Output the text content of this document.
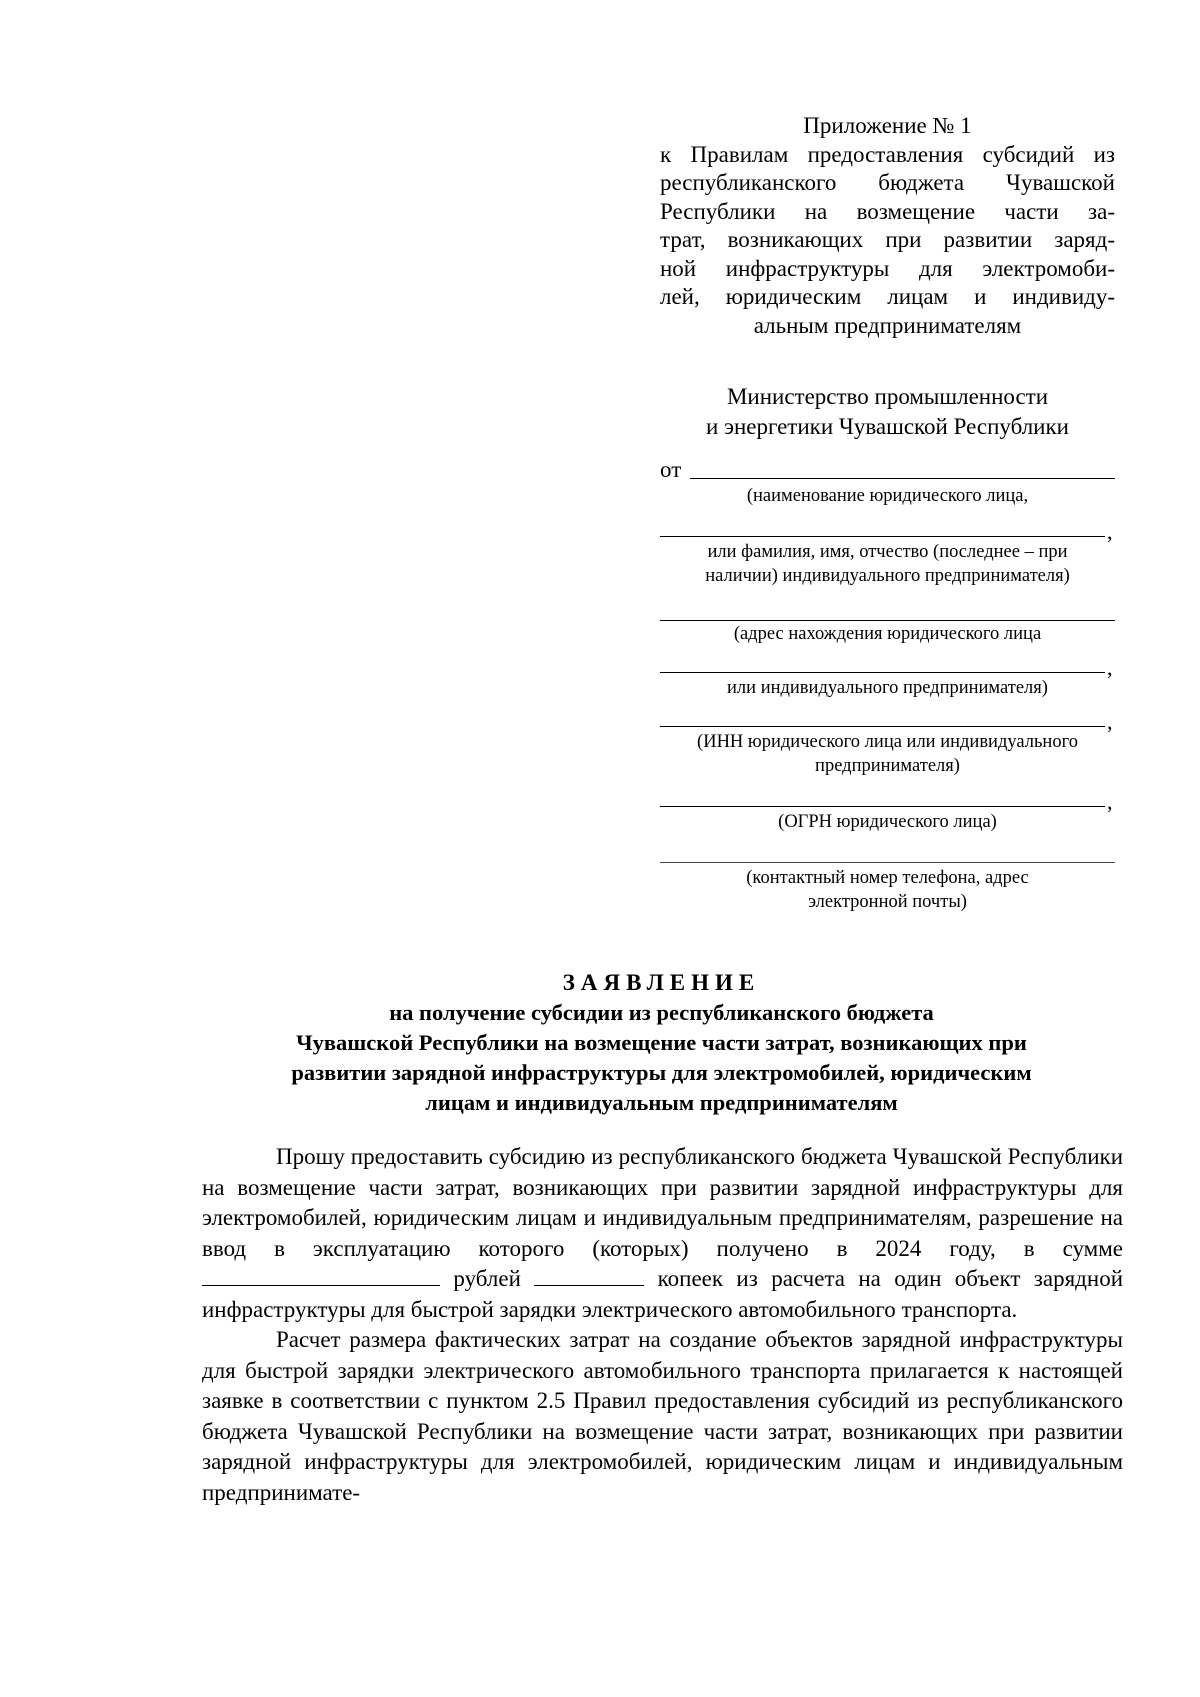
Приложение № 1
к Правилам предоставления субсидий из
республиканского бюджета Чувашской
Республики на возмещение части за-
трат, возникающих при развитии заряд-
ной инфраструктуры для электромоби-
лей, юридическим лицам и индивиду-
альным предпринимателям
Министерство промышленности
и энергетики Чувашской Республики
от
(наименование юридического лица,
,
или фамилия, имя, отчество (последнее – при
наличии) индивидуального предпринимателя)
(адрес нахождения юридического лица
,
или индивидуального предпринимателя)
,
(ИНН юридического лица или индивидуального
предпринимателя)
,
(ОГРН юридического лица)
(контактный номер телефона, адрес
электронной почты)
ЗАЯВЛЕНИЕ
на получение субсидии из республиканского бюджета
Чувашской Республики на возмещение части затрат, возникающих при
развитии зарядной инфраструктуры для электромобилей, юридическим
лицам и индивидуальным предпринимателям

Прошу предоставить субсидию из республиканского бюджета Чувашской Республики на возмещение части затрат, возникающих при развитии зарядной инфраструктуры для электромобилей, юридическим лицам и индивидуальным предпринимателям, разрешение на ввод в эксплуатацию которого (которых) получено в 2024 году, в сумме  рублей	копеек из расчета на один объект зарядной инфраструктуры для быстрой зарядки электрического автомобильного транспорта.

Расчет размера фактических затрат на создание объектов зарядной инфраструктуры для быстрой зарядки электрического автомобильного транспорта прилагается к настоящей заявке в соответствии с пунктом 2.5 Правил предоставления субсидий из республиканского бюджета Чувашской Республики на возмещение части затрат, возникающих при развитии зарядной инфраструктуры для электромобилей, юридическим лицам и индивидуальным предпринимате-
